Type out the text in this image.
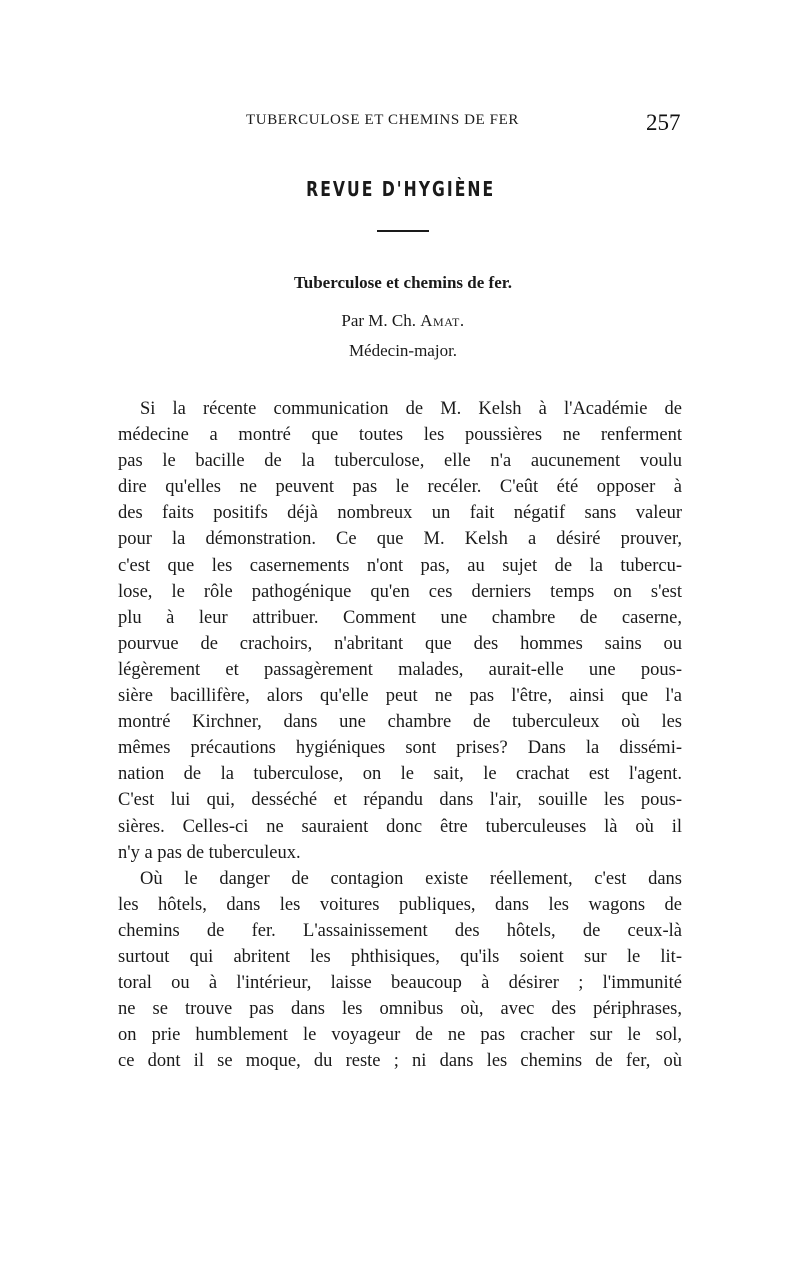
TUBERCULOSE ET CHEMINS DE FER	257
REVUE D'HYGIÈNE
Tuberculose et chemins de fer.
Par M. Ch. Amat.
Médecin-major.
Si la récente communication de M. Kelsh à l'Académie de
médecine a montré que toutes les poussières ne renferment
pas le bacille de la tuberculose, elle n'a aucunement voulu
dire qu'elles ne peuvent pas le recéler. C'eût été opposer à
des faits positifs déjà nombreux un fait négatif sans valeur
pour la démonstration. Ce que M. Kelsh a désiré prouver,
c'est que les casernements n'ont pas, au sujet de la tubercu-
lose, le rôle pathogénique qu'en ces derniers temps on s'est
plu à leur attribuer. Comment une chambre de caserne,
pourvue de crachoirs, n'abritant que des hommes sains ou
légèrement et passagèrement malades, aurait-elle une pous-
sière bacillifère, alors qu'elle peut ne pas l'être, ainsi que l'a
montré Kirchner, dans une chambre de tuberculeux où les
mêmes précautions hygiéniques sont prises? Dans la dissémi-
nation de la tuberculose, on le sait, le crachat est l'agent.
C'est lui qui, desséché et répandu dans l'air, souille les pous-
sières. Celles-ci ne sauraient donc être tuberculeuses là où il
n'y a pas de tuberculeux.
Où le danger de contagion existe réellement, c'est dans
les hôtels, dans les voitures publiques, dans les wagons de
chemins de fer. L'assainissement des hôtels, de ceux-là
surtout qui abritent les phthisiques, qu'ils soient sur le lit-
toral ou à l'intérieur, laisse beaucoup à désirer ; l'immunité
ne se trouve pas dans les omnibus où, avec des périphrases,
on prie humblement le voyageur de ne pas cracher sur le sol,
ce dont il se moque, du reste ; ni dans les chemins de fer, où
